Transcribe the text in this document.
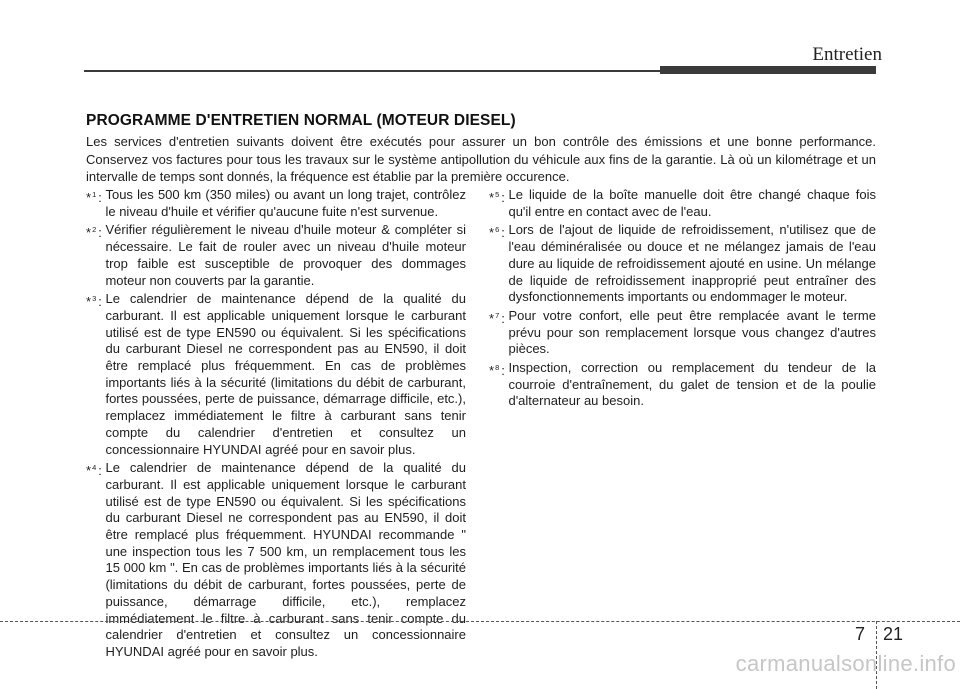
Entretien
PROGRAMME D'ENTRETIEN NORMAL (MOTEUR DIESEL)
Les services d'entretien suivants doivent être exécutés pour assurer un bon contrôle des émissions et une bonne performance. Conservez vos factures pour tous les travaux sur le système antipollution du véhicule aux fins de la garantie. Là où un kilométrage et un intervalle de temps sont donnés, la fréquence est établie par la première occurence.
*$^1$ : Tous les 500 km (350 miles) ou avant un long trajet, contrôlez le niveau d'huile et vérifier qu'aucune fuite n'est survenue.
*$^2$ : Vérifier régulièrement le niveau d'huile moteur & compléter si nécessaire. Le fait de rouler avec un niveau d'huile moteur trop faible est susceptible de provoquer des dommages moteur non couverts par la garantie.
*$^3$ : Le calendrier de maintenance dépend de la qualité du carburant. Il est applicable uniquement lorsque le carburant utilisé est de type EN590 ou équivalent. Si les spécifications du carburant Diesel ne correspondent pas au EN590, il doit être remplacé plus fréquemment. En cas de problèmes importants liés à la sécurité (limitations du débit de carburant, fortes poussées, perte de puissance, démarrage difficile, etc.), remplacez immédiatement le filtre à carburant sans tenir compte du calendrier d'entretien et consultez un concessionnaire HYUNDAI agréé pour en savoir plus.
*$^4$ : Le calendrier de maintenance dépend de la qualité du carburant. Il est applicable uniquement lorsque le carburant utilisé est de type EN590 ou équivalent. Si les spécifications du carburant Diesel ne correspondent pas au EN590, il doit être remplacé plus fréquemment. HYUNDAI recommande " une inspection tous les 7 500 km, un remplacement tous les 15 000 km ". En cas de problèmes importants liés à la sécurité (limitations du débit de carburant, fortes poussées, perte de puissance, démarrage difficile, etc.), remplacez immédiatement le filtre à carburant sans tenir compte du calendrier d'entretien et consultez un concessionnaire HYUNDAI agréé pour en savoir plus.
*$^5$ : Le liquide de la boîte manuelle doit être changé chaque fois qu'il entre en contact avec de l'eau.
*$^6$ : Lors de l'ajout de liquide de refroidissement, n'utilisez que de l'eau déminéralisée ou douce et ne mélangez jamais de l'eau dure au liquide de refroidissement ajouté en usine. Un mélange de liquide de refroidissement inapproprié peut entraîner des dysfonctionnements importants ou endommager le moteur.
*$^7$ : Pour votre confort, elle peut être remplacée avant le terme prévu pour son remplacement lorsque vous changez d'autres pièces.
*$^8$ : Inspection, correction ou remplacement du tendeur de la courroie d'entraînement, du galet de tension et de la poulie d'alternateur au besoin.
7 21
carmanualsonline.info
